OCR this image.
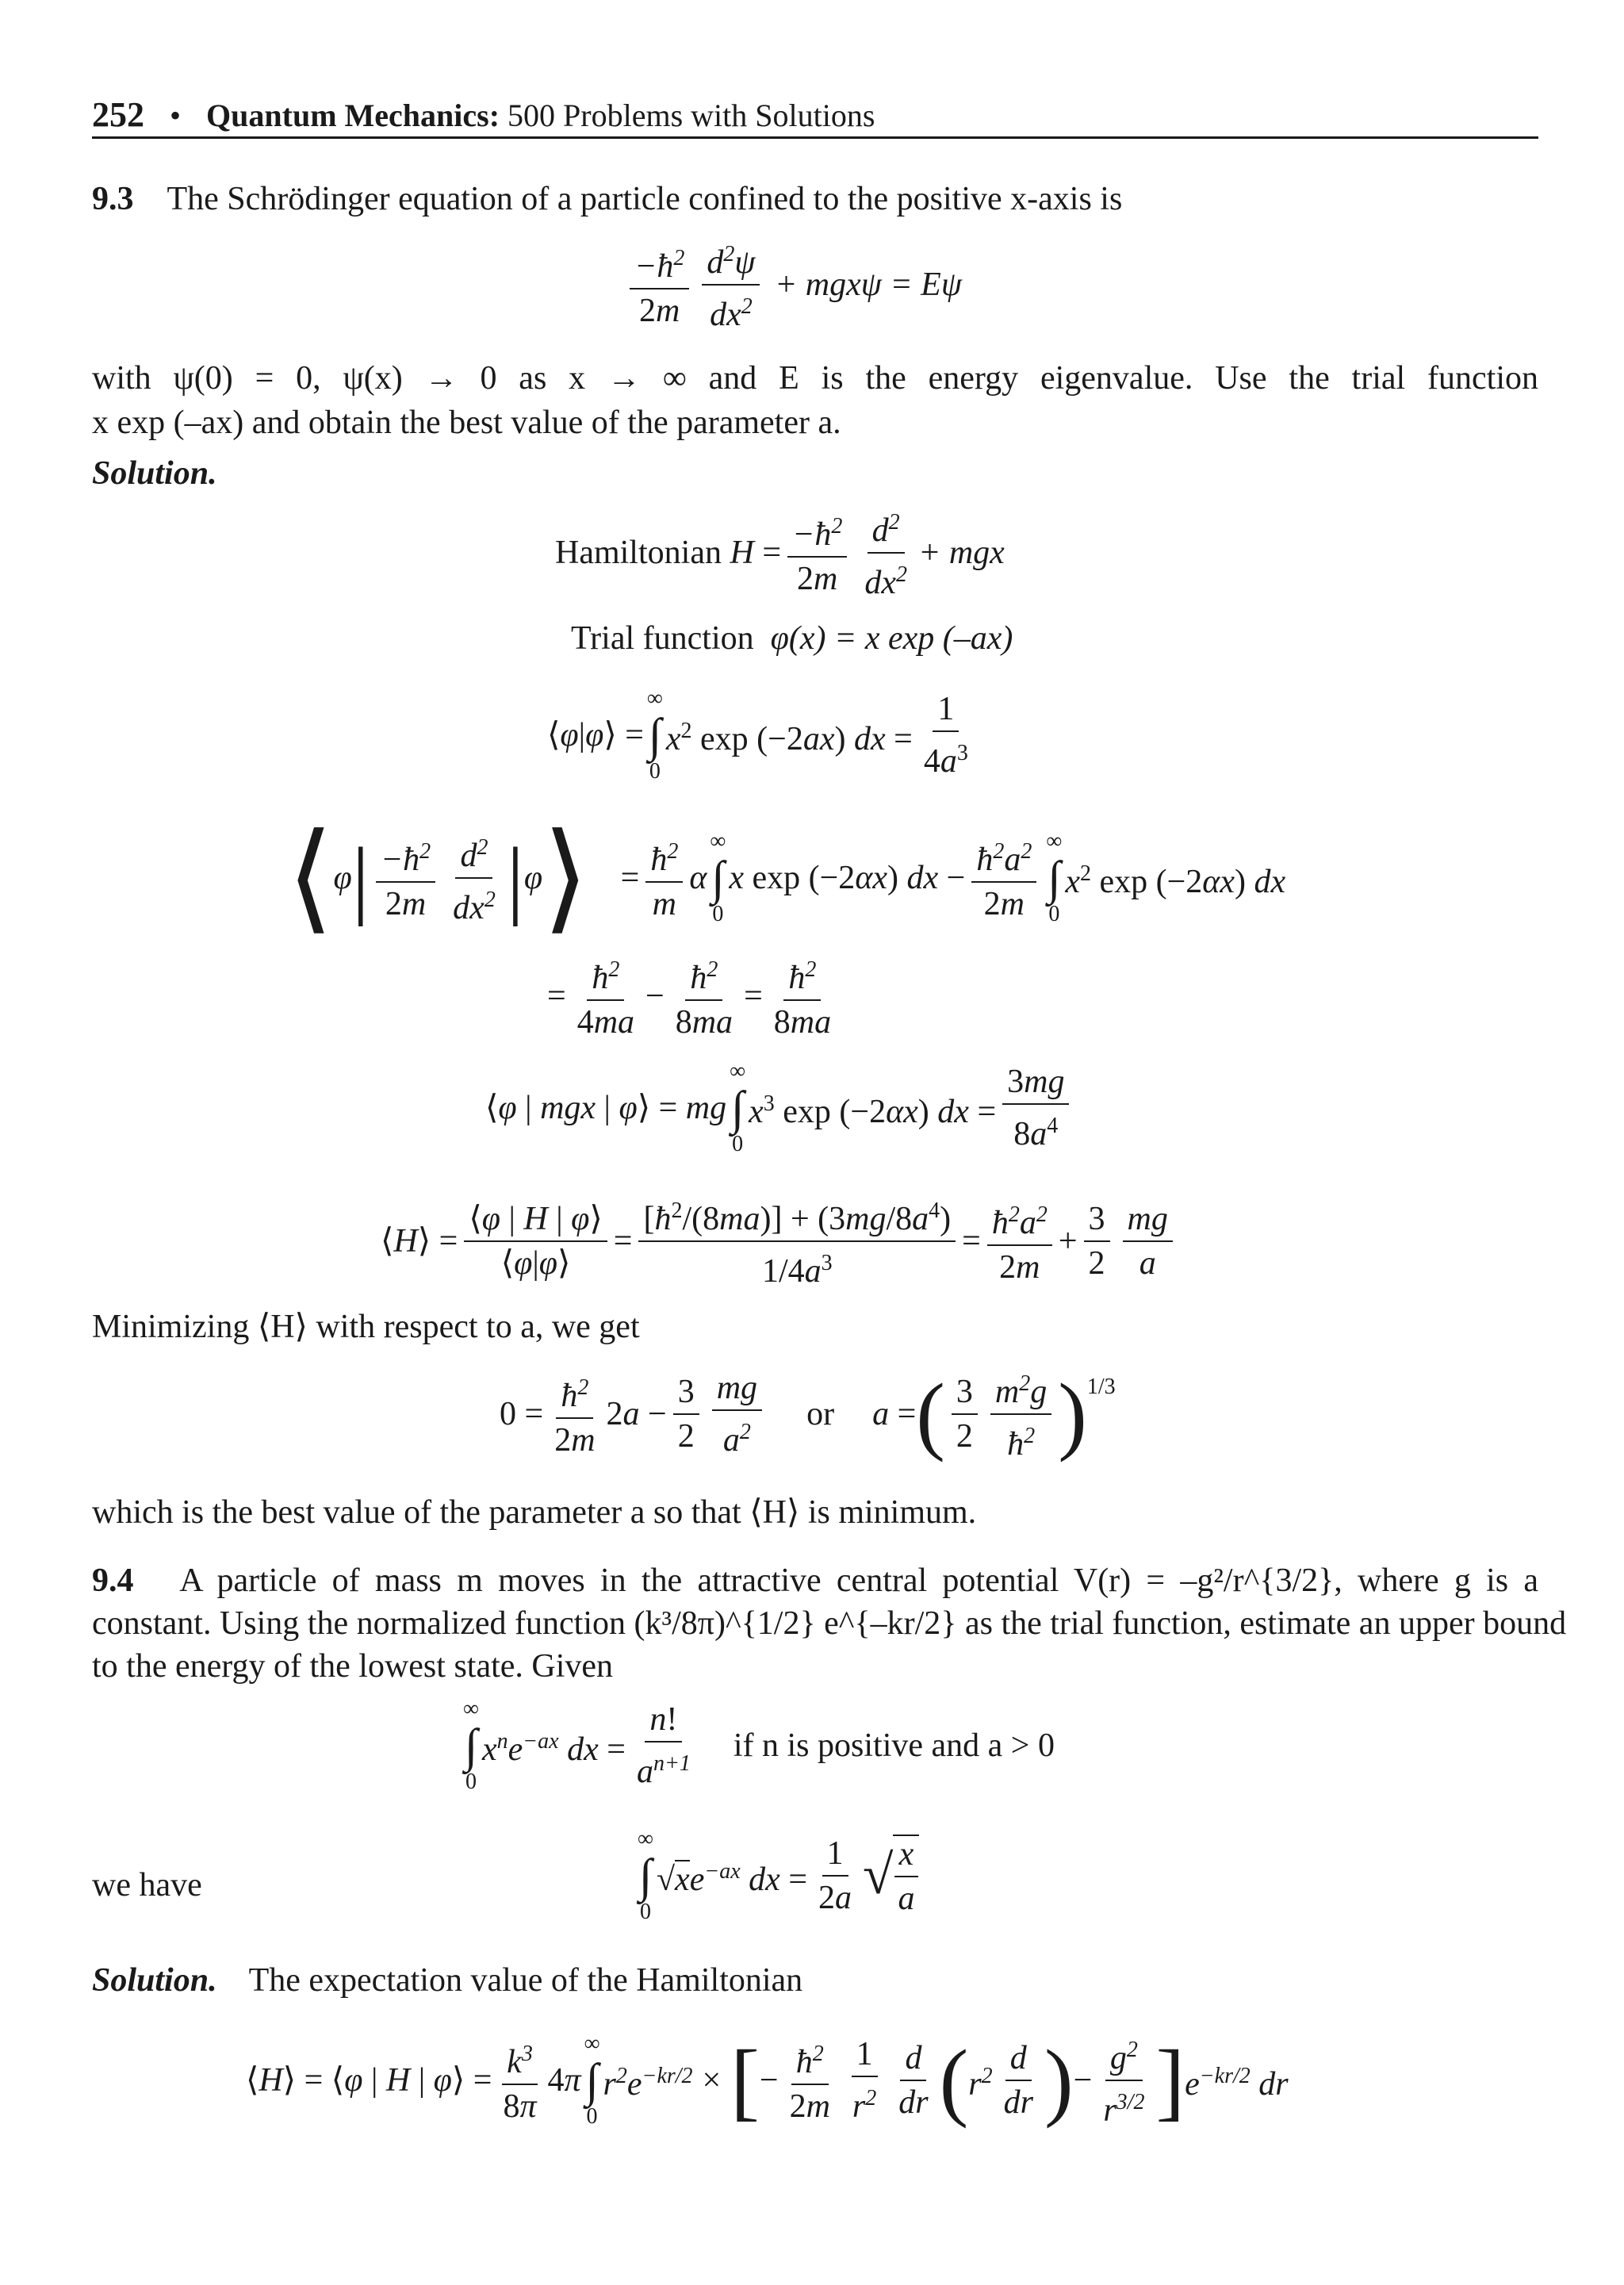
252 • Quantum Mechanics: 500 Problems with Solutions
9.3 The Schrödinger equation of a particle confined to the positive x-axis is
$\frac{-ħ^2}{2m} \frac{d^2\psi}{dx^2} + mgx\psi = E\psi$
with ψ(0) = 0, ψ(x) → 0 as x → ∞ and E is the energy eigenvalue. Use the trial function
x exp (–ax) and obtain the best value of the parameter a.
Solution.
Hamiltonian
$H = \frac{-ħ^2}{2m} \frac{d^2}{dx^2}$ + mgx
Trial function φ(x) = x exp (–ax)
⟨φ|φ⟩ =
∞
∫
0
$x^2$ exp (−2ax) dx = $\frac{1}{4a^3}$
⟨ φ | $\frac{-ħ^2}{2m} \frac{d^2}{dx^2}$ | φ ⟩ = $\frac{ħ^2}{m}$ α
∞
∫
0
x exp (−2αx) dx − $\frac{ħ^2a^2}{2m}$ ∞
∫
0
$x^2$ exp (−2αx) dx
= $\frac{ħ^2}{4ma} - \frac{ħ^2}{8ma} = \frac{ħ^2}{8ma}$
⟨φ | mgx | φ⟩ = mg
∞
∫
0
$x^3$ exp (−2αx) dx = $\frac{3mg}{8a^4}$
⟨H⟩ = $\frac{⟨\varphi | H | \varphi⟩}{⟨\varphi|\varphi⟩} = \frac{[ħ^2/(8ma)] + (3mg/8a^4)}{1/4a^3} = \frac{ħ^2a^2}{2m} + \frac{3}{2} \frac{mg}{a}$
Minimizing ⟨H⟩ with respect to a, we get
$0 = \frac{ħ^2}{2m} 2a - \frac{3}{2} \frac{mg}{a^2}$ or a = ( $\frac{3}{2} \frac{m^2g}{ħ^2} )^{1/3}$
which is the best value of the parameter a so that ⟨H⟩ is minimum.
9.4 A particle of mass m moves in the attractive central potential V(r) = –g²/r^{3/2}, where g is a
constant. Using the normalized function (k³/8π)^{1/2} e^{–kr/2} as the trial function, estimate an upper bound
to the energy of the lowest state. Given
∞
∫
0
$x^ne^{-ax}$ dx = $\frac{n!}{a^{n+1}}$ if n is positive and a > 0
we have
∞
∫
0
$√xe^{-ax}$ dx = $\frac{1}{2a}$ √ $\frac{x}{a}$
Solution. The expectation value of the Hamiltonian
⟨H⟩ = ⟨φ | H | φ⟩ = $\frac{k^3}{8\pi} 4\pi$
∞
∫
0
$r^2e^{-kr/2}$ × [ − $\frac{ħ^2}{2m} \frac{1}{r^2} \frac{d}{dr}$ ( $r^2 \frac{d}{dr}$ ) − $\frac{g^2}{r^{3/2}}$ ] $e^{-kr/2}$ dr
